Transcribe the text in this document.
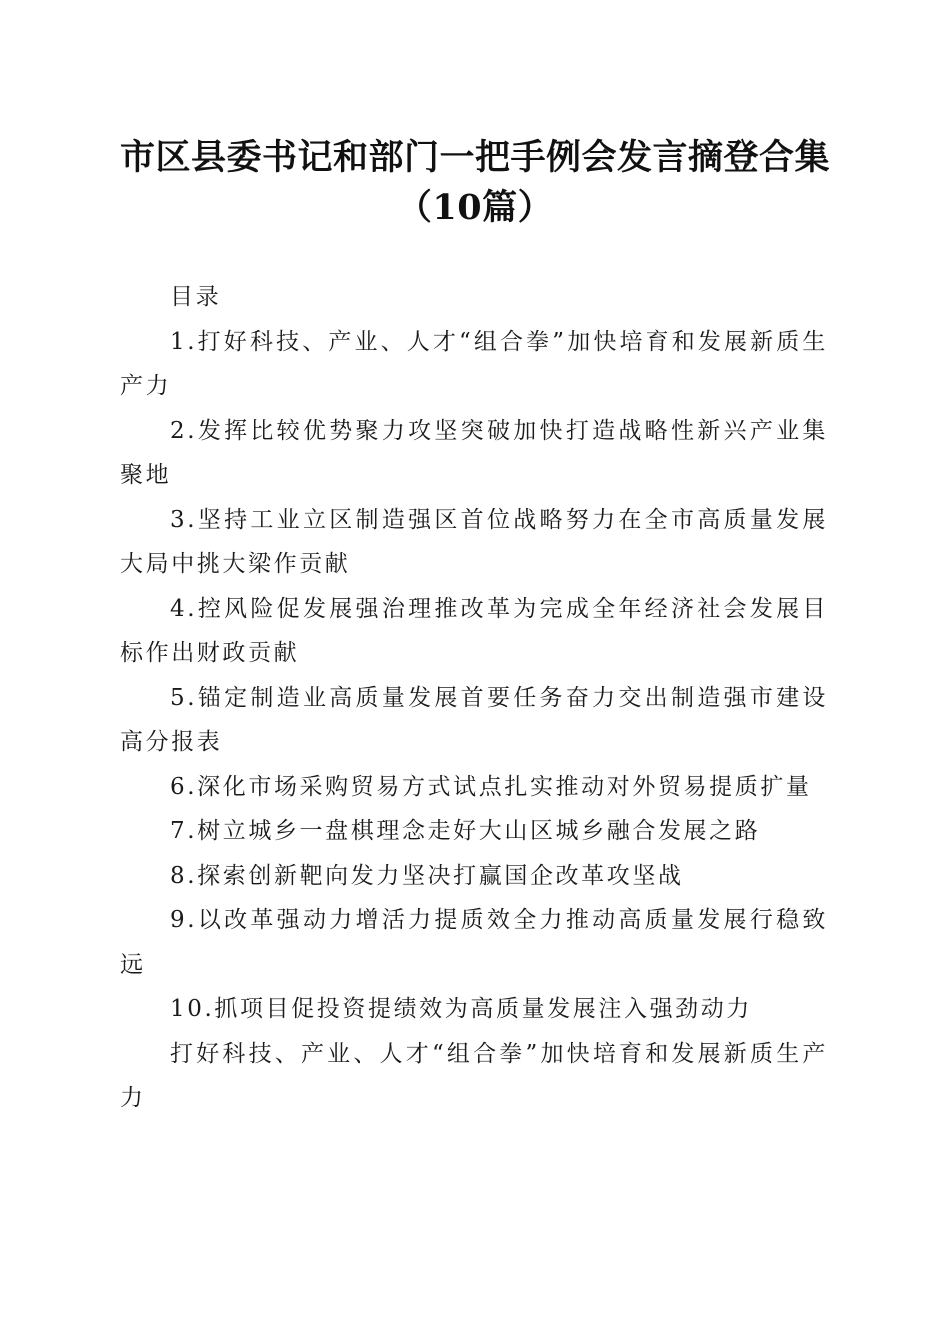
市区县委书记和部门一把手例会发言摘登合集
（10篇）

目录

1.打好科技、产业、人才“组合拳”加快培育和发展新质生产力

2.发挥比较优势聚力攻坚突破加快打造战略性新兴产业集聚地

3.坚持工业立区制造强区首位战略努力在全市高质量发展大局中挑大梁作贡献

4.控风险促发展强治理推改革为完成全年经济社会发展目标作出财政贡献

5.锚定制造业高质量发展首要任务奋力交出制造强市建设高分报表

6.深化市场采购贸易方式试点扎实推动对外贸易提质扩量

7.树立城乡一盘棋理念走好大山区城乡融合发展之路

8.探索创新靶向发力坚决打赢国企改革攻坚战

9.以改革强动力增活力提质效全力推动高质量发展行稳致远

10.抓项目促投资提绩效为高质量发展注入强劲动力

打好科技、产业、人才“组合拳”加快培育和发展新质生产力
